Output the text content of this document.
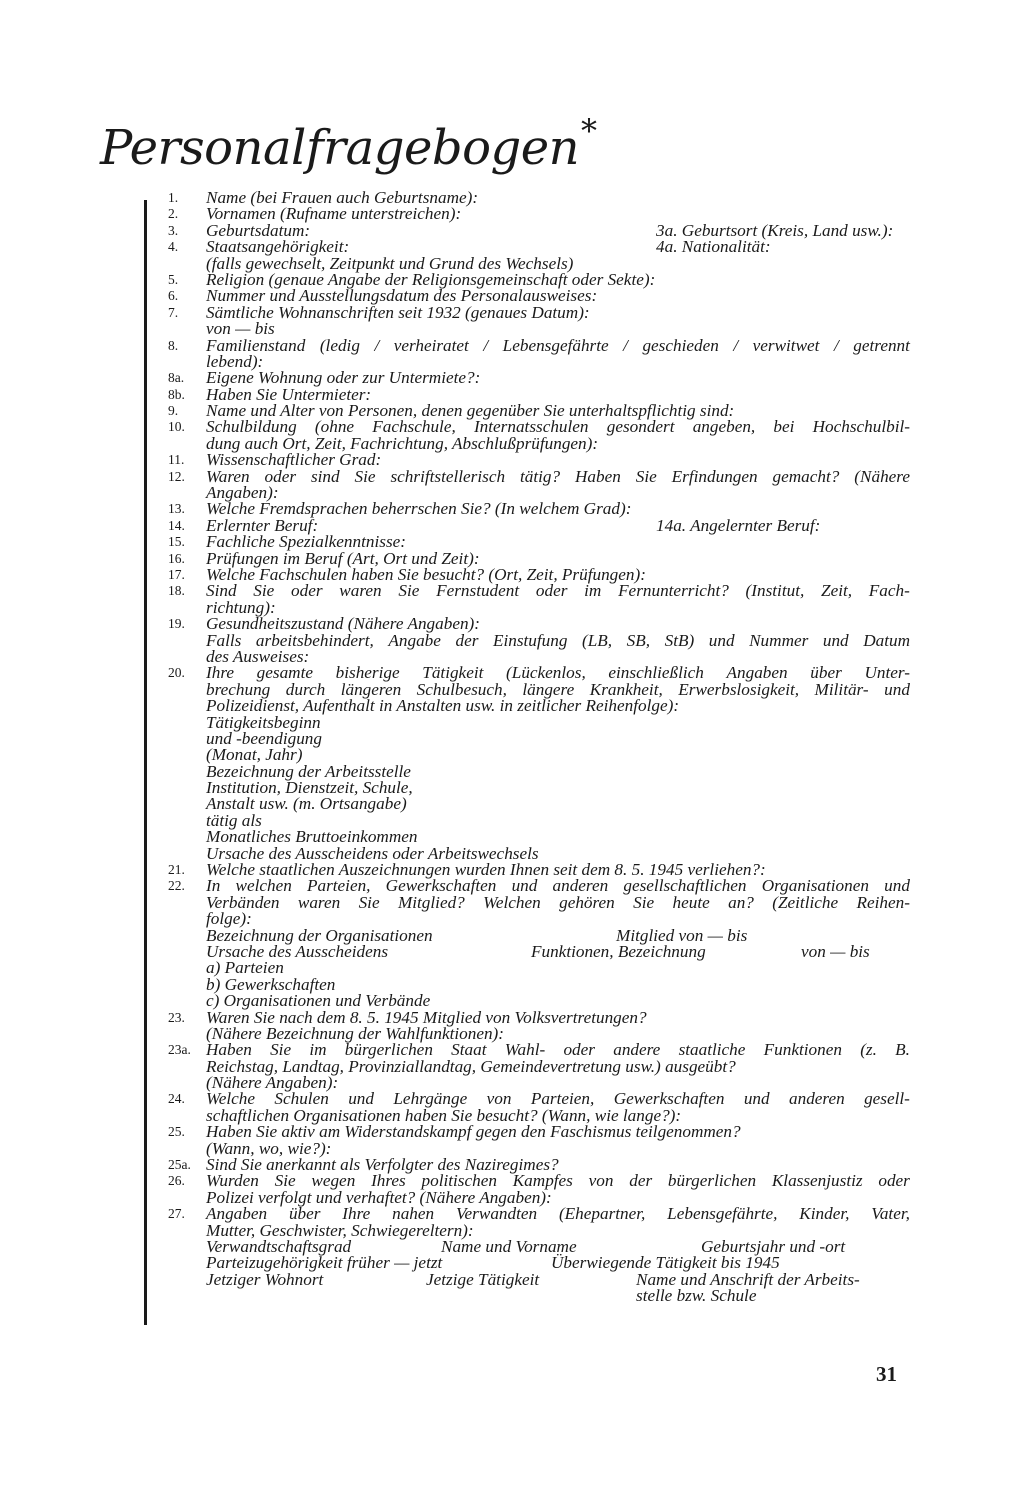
Personalfragebogen*
1.	Name (bei Frauen auch Geburtsname):
2.	Vornamen (Rufname unterstreichen):
3.	Geburtsdatum:	3a. Geburtsort (Kreis, Land usw.):
4.	Staatsangehörigkeit:	4a. Nationalität:
(falls gewechselt, Zeitpunkt und Grund des Wechsels)
5.	Religion (genaue Angabe der Religionsgemeinschaft oder Sekte):
6.	Nummer und Ausstellungsdatum des Personalausweises:
7.	Sämtliche Wohnanschriften seit 1932 (genaues Datum):
von — bis
8.	Familienstand (ledig / verheiratet / Lebensgefährte / geschieden / verwitwet / getrennt
lebend):
8a.	Eigene Wohnung oder zur Untermiete?:
8b.	Haben Sie Untermieter:
9.	Name und Alter von Personen, denen gegenüber Sie unterhaltspflichtig sind:
10.	Schulbildung (ohne Fachschule, Internatsschulen gesondert angeben, bei Hochschulbil-
dung auch Ort, Zeit, Fachrichtung, Abschlußprüfungen):
11.	Wissenschaftlicher Grad:
12.	Waren oder sind Sie schriftstellerisch tätig? Haben Sie Erfindungen gemacht? (Nähere
Angaben):
13.	Welche Fremdsprachen beherrschen Sie? (In welchem Grad):
14.	Erlernter Beruf:	14a. Angelernter Beruf:
15.	Fachliche Spezialkenntnisse:
16.	Prüfungen im Beruf (Art, Ort und Zeit):
17.	Welche Fachschulen haben Sie besucht? (Ort, Zeit, Prüfungen):
18.	Sind Sie oder waren Sie Fernstudent oder im Fernunterricht? (Institut, Zeit, Fach-
richtung):
19.	Gesundheitszustand (Nähere Angaben):
Falls arbeitsbehindert, Angabe der Einstufung (LB, SB, StB) und Nummer und Datum
des Ausweises:
20.	Ihre gesamte bisherige Tätigkeit (Lückenlos, einschließlich Angaben über Unter-
brechung durch längeren Schulbesuch, längere Krankheit, Erwerbslosigkeit, Militär- und
Polizeidienst, Aufenthalt in Anstalten usw. in zeitlicher Reihenfolge):
Tätigkeitsbeginn
und -beendigung
(Monat, Jahr)
Bezeichnung der Arbeitsstelle
Institution, Dienstzeit, Schule,
Anstalt usw. (m. Ortsangabe)
tätig als
Monatliches Bruttoeinkommen
Ursache des Ausscheidens oder Arbeitswechsels
21.	Welche staatlichen Auszeichnungen wurden Ihnen seit dem 8. 5. 1945 verliehen?:
22.	In welchen Parteien, Gewerkschaften und anderen gesellschaftlichen Organisationen und
Verbänden waren Sie Mitglied? Welchen gehören Sie heute an? (Zeitliche Reihen-
folge):
Bezeichnung der Organisationen	Mitglied von — bis
Ursache des Ausscheidens	Funktionen, Bezeichnung	von — bis
a) Parteien
b) Gewerkschaften
c) Organisationen und Verbände
23.	Waren Sie nach dem 8. 5. 1945 Mitglied von Volksvertretungen?
(Nähere Bezeichnung der Wahlfunktionen):
23a. Haben Sie im bürgerlichen Staat Wahl- oder andere staatliche Funktionen (z. B.
Reichstag, Landtag, Provinziallandtag, Gemeindevertretung usw.) ausgeübt?
(Nähere Angaben):
24.	Welche Schulen und Lehrgänge von Parteien, Gewerkschaften und anderen gesell-
schaftlichen Organisationen haben Sie besucht? (Wann, wie lange?):
25.	Haben Sie aktiv am Widerstandskampf gegen den Faschismus teilgenommen?
(Wann, wo, wie?):
25a. Sind Sie anerkannt als Verfolgter des Naziregimes?
26.	Wurden Sie wegen Ihres politischen Kampfes von der bürgerlichen Klassenjustiz oder
Polizei verfolgt und verhaftet? (Nähere Angaben):
27.	Angaben über Ihre nahen Verwandten (Ehepartner, Lebensgefährte, Kinder, Vater,
Mutter, Geschwister, Schwiegereltern):
Verwandtschaftsgrad	Name und Vorname	Geburtsjahr und -ort
Parteizugehörigkeit früher — jetzt	Überwiegende Tätigkeit bis 1945
Jetziger Wohnort	Jetzige Tätigkeit	Name und Anschrift der Arbeits-
stelle bzw. Schule
31
